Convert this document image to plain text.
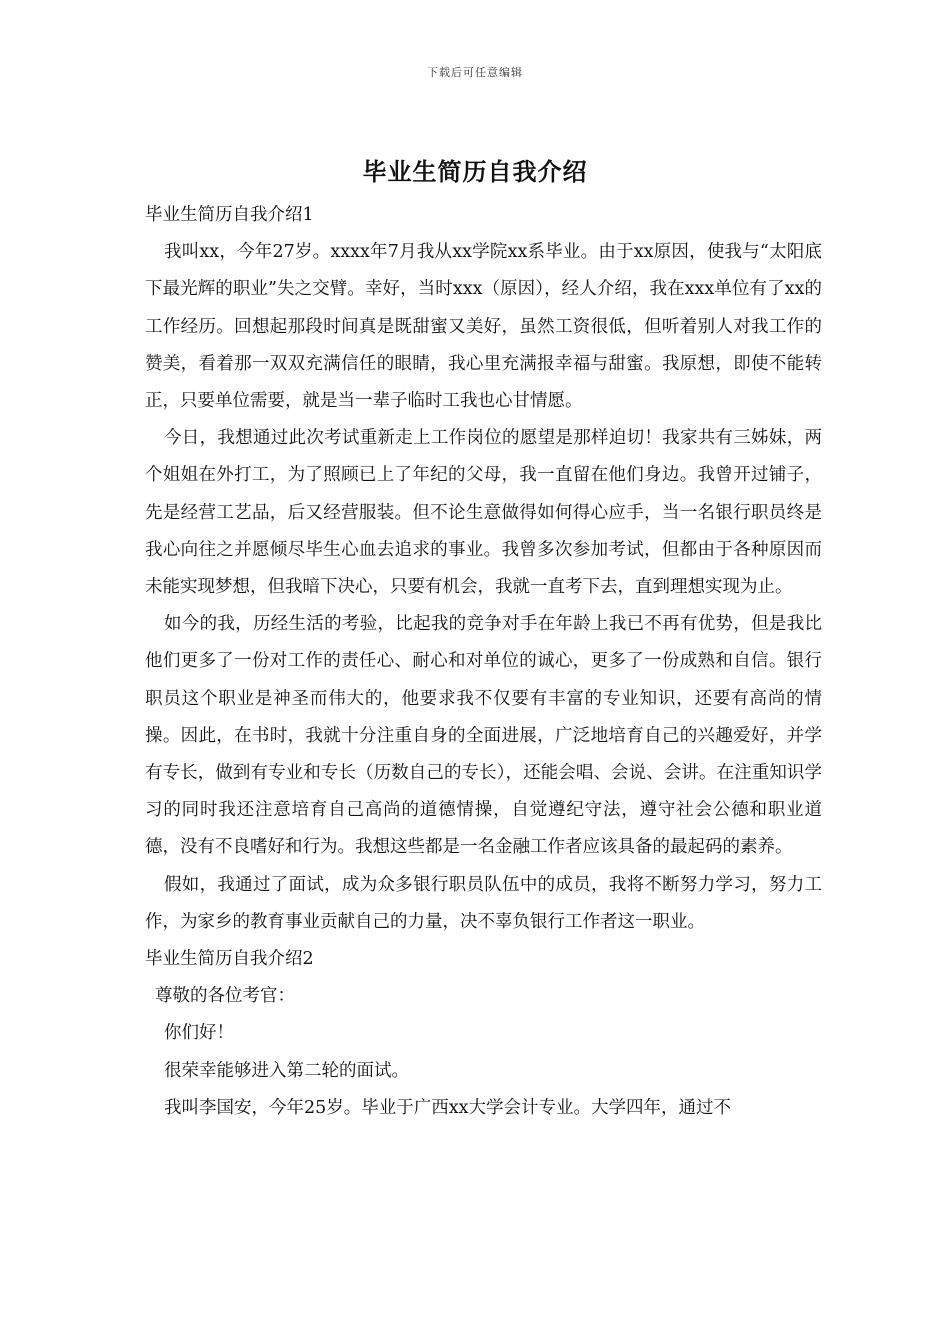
下载后可任意编辑
毕业生简历自我介绍

毕业生简历自我介绍1

我叫xx，今年27岁。xxxx年7月我从xx学院xx系毕业。由于xx原因，使我与“太阳底下最光辉的职业”失之交臂。幸好，当时xxx（原因），经人介绍，我在xxx单位有了xx的工作经历。回想起那段时间真是既甜蜜又美好，虽然工资很低，但听着别人对我工作的赞美，看着那一双双充满信任的眼睛，我心里充满报幸福与甜蜜。我原想，即使不能转正，只要单位需要，就是当一辈子临时工我也心甘情愿。

今日，我想通过此次考试重新走上工作岗位的愿望是那样迫切！我家共有三姊妹，两个姐姐在外打工，为了照顾已上了年纪的父母，我一直留在他们身边。我曾开过铺子，先是经营工艺品，后又经营服装。但不论生意做得如何得心应手，当一名银行职员终是我心向往之并愿倾尽毕生心血去追求的事业。我曾多次参加考试，但都由于各种原因而未能实现梦想，但我暗下决心，只要有机会，我就一直考下去，直到理想实现为止。

如今的我，历经生活的考验，比起我的竞争对手在年龄上我已不再有优势，但是我比他们更多了一份对工作的责任心、耐心和对单位的诚心，更多了一份成熟和自信。银行职员这个职业是神圣而伟大的，他要求我不仅要有丰富的专业知识，还要有高尚的情操。因此，在书时，我就十分注重自身的全面进展，广泛地培育自己的兴趣爱好，并学有专长，做到有专业和专长（历数自己的专长），还能会唱、会说、会讲。在注重知识学习的同时我还注意培育自己高尚的道德情操，自觉遵纪守法，遵守社会公德和职业道德，没有不良嗜好和行为。我想这些都是一名金融工作者应该具备的最起码的素养。

假如，我通过了面试，成为众多银行职员队伍中的成员，我将不断努力学习，努力工作，为家乡的教育事业贡献自己的力量，决不辜负银行工作者这一职业。

毕业生简历自我介绍2

尊敬的各位考官：

你们好！

很荣幸能够进入第二轮的面试。

我叫李国安，今年25岁。毕业于广西xx大学会计专业。大学四年，通过不
